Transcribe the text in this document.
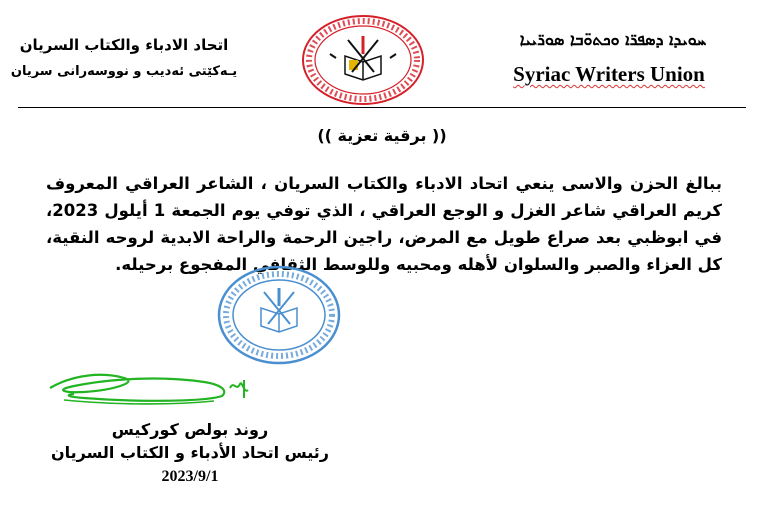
اتحاد الادباء والكتاب السريان
يـەكێتی ئەدیب و نووسەرانی سریان
ܚܘܝܕܐ ܕܣܦܪ̈ܐ ܘܟܬܘ̈ܒܐ ܣܘܪ̈ܝܝܐ
Syriac Writers Union
(( برقية تعزية ))
ببالغ الحزن والاسى ينعي اتحاد الادباء والكتاب السريان ، الشاعر العراقي المعروف كريم العراقي شاعر الغزل و الوجع العراقي ، الذي توفي يوم الجمعة 1 أيلول 2023، في ابوظبي بعد صراع طويل مع المرض، راجين الرحمة والراحة الابدية لروحه النقية، كل العزاء والصبر والسلوان لأهله ومحبيه وللوسط الثقافي المفجوع برحيله.
روند بولص كوركيس
رئيس اتحاد الأدباء و الكتاب السريان
2023/9/1
